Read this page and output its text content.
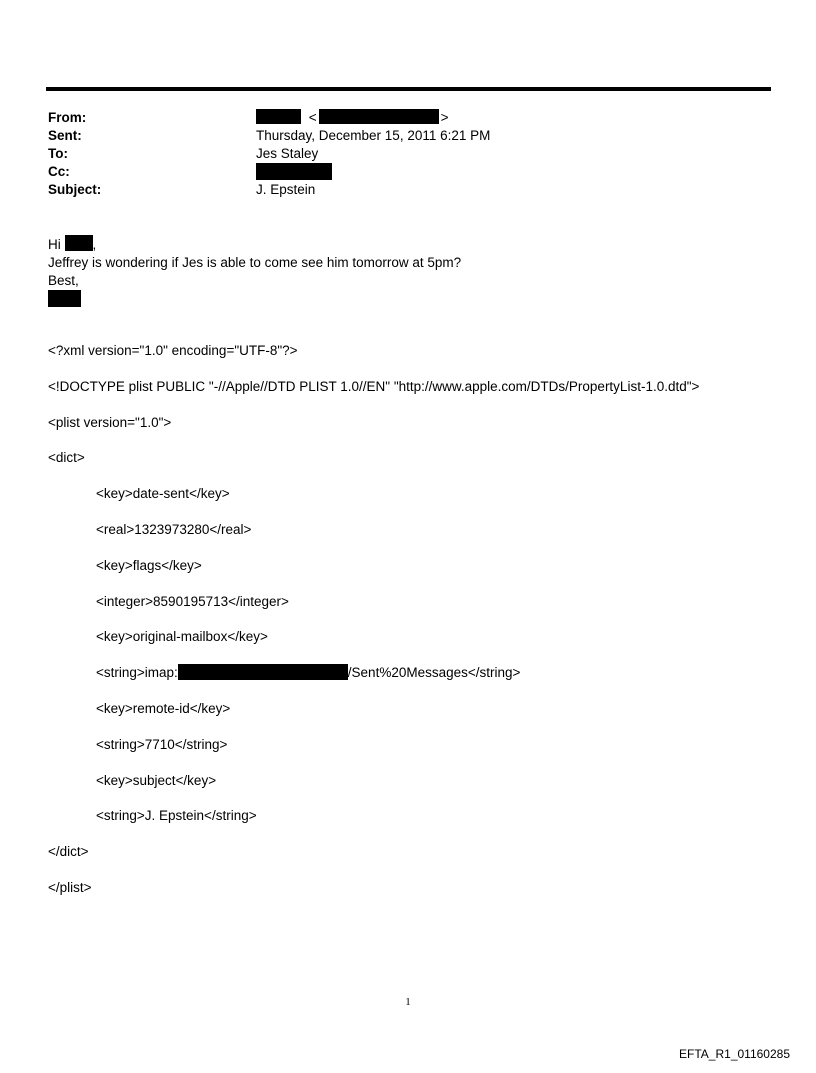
From:	<	>
Sent:	Thursday, December 15, 2011 6:21 PM
To:	Jes Staley
Cc:
Subject:	J. Epstein
Hi ,
Jeffrey is wondering if Jes is able to come see him tomorrow at 5pm?
Best,

<?xml version="1.0" encoding="UTF-8"?>

<!DOCTYPE plist PUBLIC "-//Apple//DTD PLIST 1.0//EN" "http://www.apple.com/DTDs/PropertyList-1.0.dtd">

<plist version="1.0">

<dict>

<key>date-sent</key>

<real>1323973280</real>

<key>flags</key>

<integer>8590195713</integer>

<key>original-mailbox</key>

<string>imap:	/Sent%20Messages</string>

<key>remote-id</key>

<string>7710</string>

<key>subject</key>

<string>J. Epstein</string>

</dict>

</plist>

1
EFTA_R1_01160285
